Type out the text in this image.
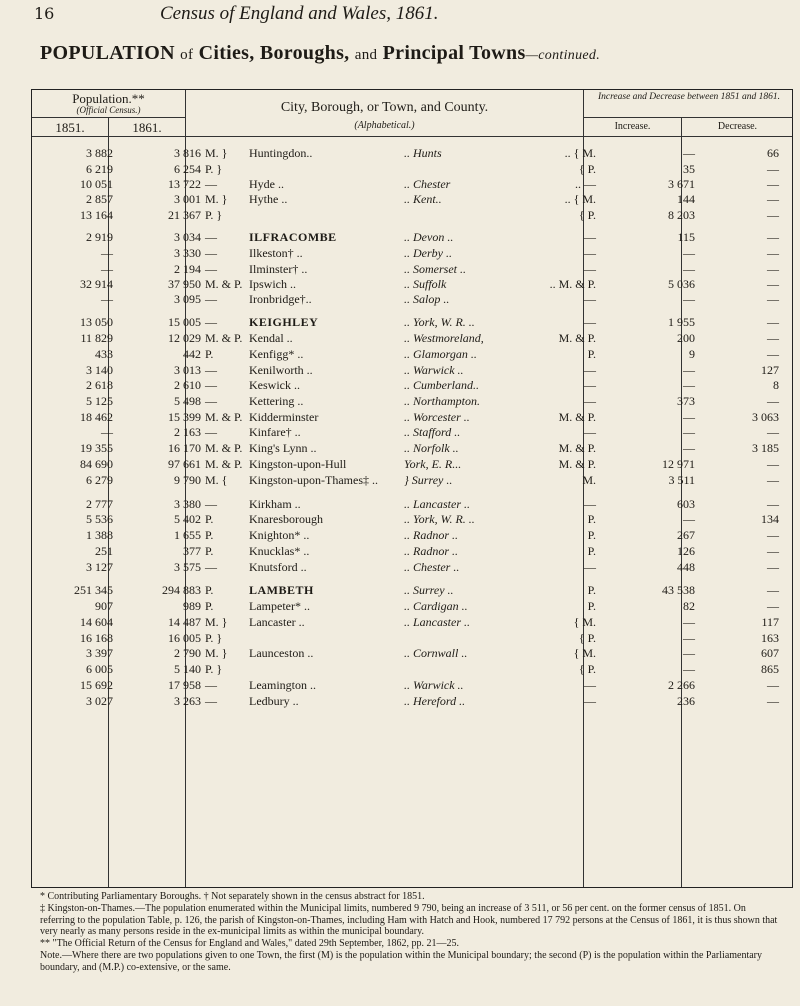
16	Census of England and Wales, 1861.
POPULATION of Cities, Boroughs, and Principal Towns—continued.
Population.**
(Official Census.)
1851.	1861.
City, Borough, or Town, and County.
(Alphabetical.)
Increase and Decrease between 1851 and 1861.
Increase.	Decrease.
3 882	3 816 M. }	Huntingdon..	.. Hunts	.. { M.	—	66
6 219	6 254 P. }	{ P.	35	—
10 051	13 722 —	Hyde ..	.. Chester	.. —	3 671	—
2 857	3 001 M. }	Hythe ..	.. Kent..	.. { M.	144	—
13 164	21 367 P. }	{ P.	8 203	—
2 919	3 034 —	ILFRACOMBE	.. Devon ..	—	115	—
—	3 330 —	Ilkeston† ..	.. Derby ..	—	—	—
—	2 194 —	Ilminster† ..	.. Somerset ..	—	—	—
32 914	37 950 M. & P. Ipswich ..	.. Suffolk	.. M. & P.	5 036	—
—	3 095 —	Ironbridge†..	.. Salop ..	—	—	—
13 050	15 005 —	KEIGHLEY	.. York, W. R. ..	—	1 955	—
11 829	12 029 M. & P. Kendal ..	.. Westmoreland,	M. & P.	200	—
433	442 P.	Kenfigg* ..	.. Glamorgan ..	P.	9	—
3 140	3 013 —	Kenilworth ..	.. Warwick ..	—	—	127
2 618	2 610 —	Keswick ..	.. Cumberland..	—	—	8
5 125	5 498 —	Kettering ..	.. Northampton.	—	373	—
18 462	15 399 M. & P. Kidderminster	.. Worcester ..	M. & P.	—	3 063
—	2 163 —	Kinfare† ..	.. Stafford ..	—	—	—
19 355	16 170 M. & P. King's Lynn ..	.. Norfolk ..	M. & P.	—	3 185
84 690	97 661 M. & P. Kingston-upon-Hull	York, E. R...	M. & P.	12 971	—
6 279	9 790 M. {	Kingston-upon-Thames‡ ..	} Surrey ..	M.	3 511	—
2 777	3 380 —	Kirkham ..	.. Lancaster ..	—	603	—
5 536	5 402 P.	Knaresborough	.. York, W. R. ..	P.	—	134
1 388	1 655 P.	Knighton* ..	.. Radnor ..	P.	267	—
251	377 P.	Knucklas* ..	.. Radnor ..	P.	126	—
3 127	3 575 —	Knutsford ..	.. Chester ..	—	448	—
251 345	294 883 P.	LAMBETH	.. Surrey ..	P.	43 538	—
907	989 P.	Lampeter* ..	.. Cardigan ..	P.	82	—
14 604	14 487 M. }	Lancaster ..	.. Lancaster ..	{ M.	—	117
16 168	16 005 P. }	{ P.	—	163
3 397	2 790 M. }	Launceston ..	.. Cornwall ..	{ M.	—	607
6 005	5 140 P. }	{ P.	—	865
15 692	17 958 —	Leamington ..	.. Warwick ..	—	2 266	—
3 027	3 263 —	Ledbury ..	.. Hereford ..	—	236	—

* Contributing Parliamentary Boroughs. † Not separately shown in the census abstract for 1851.

‡ Kingston-on-Thames.—The population enumerated within the Municipal limits, numbered 9 790, being an increase of 3 511, or 56 per cent. on the former census of 1851. On referring to the population Table, p. 126, the parish of Kingston-on-Thames, including Ham with Hatch and Hook, numbered 17 792 persons at the Census of 1861, it is thus shown that very nearly as many persons reside in the ex-municipal limits as within the municipal boundary.

** "The Official Return of the Census for England and Wales," dated 29th September, 1862, pp. 21—25.

Note.—Where there are two populations given to one Town, the first (M) is the population within the Municipal boundary; the second (P) is the population within the Parliamentary boundary, and (M.P.) co-extensive, or the same.
